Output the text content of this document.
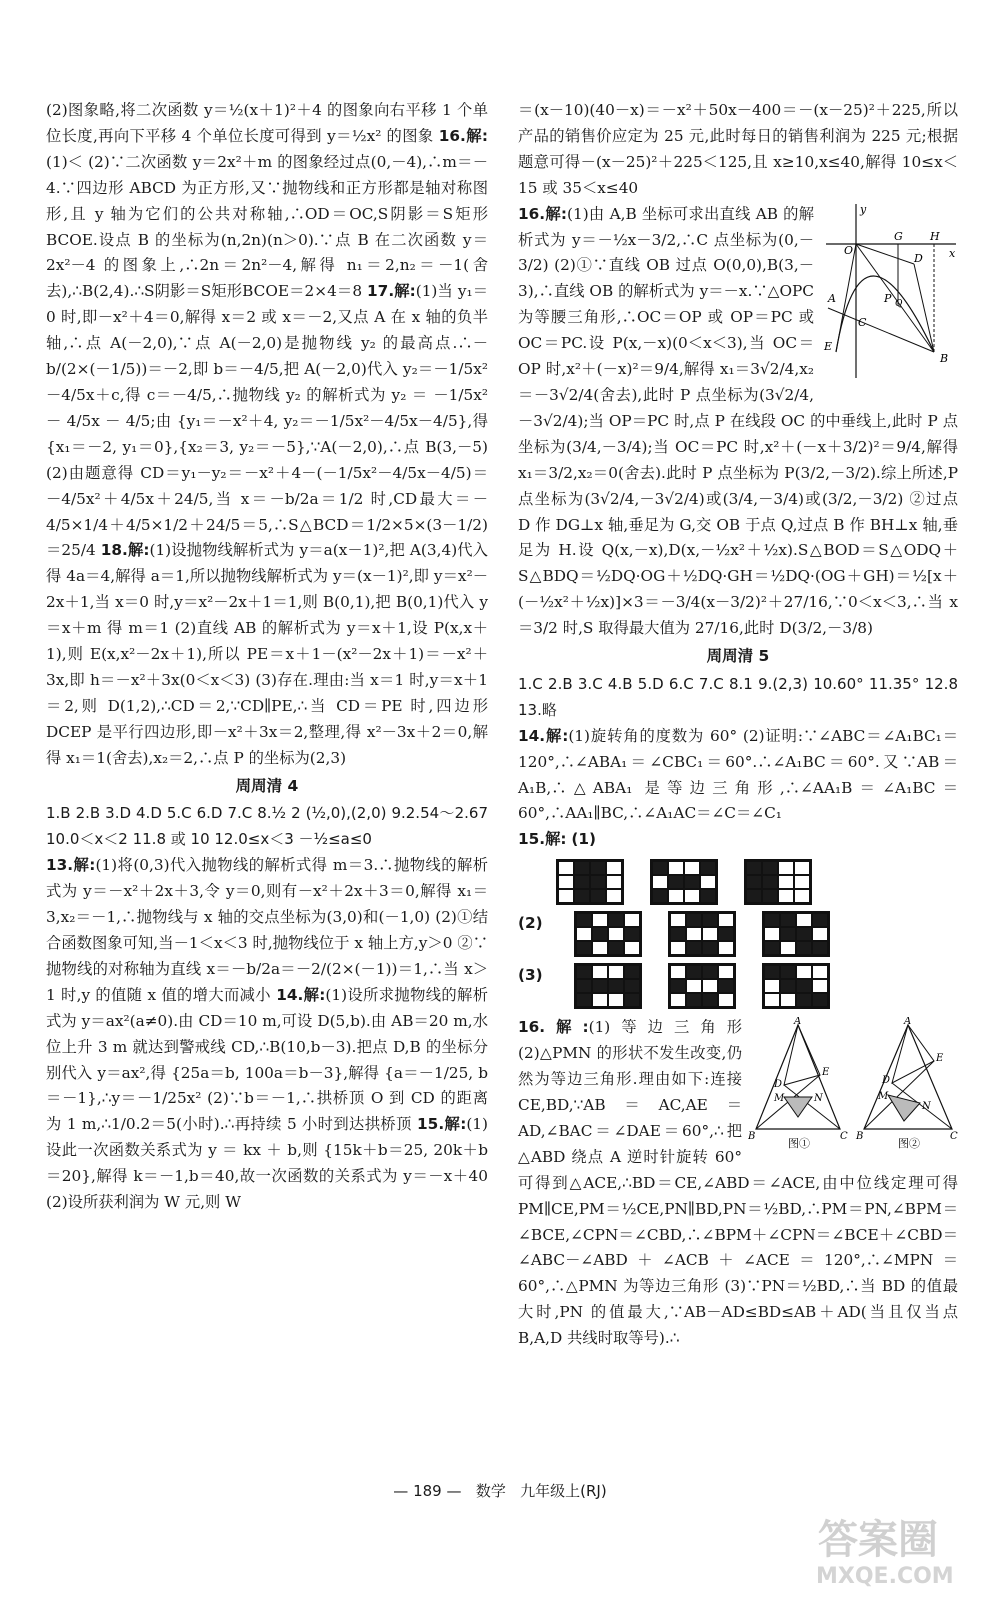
(2)图象略,将二次函数 y＝½(x＋1)²＋4 的图象向右平移 1 个单位长度,再向下平移 4 个单位长度可得到 y＝½x² 的图象 16.解:(1)＜ (2)∵二次函数 y＝2x²＋m 的图象经过点(0,－4),∴m＝－4.∵四边形 ABCD 为正方形,又∵抛物线和正方形都是轴对称图形,且 y 轴为它们的公共对称轴,∴OD＝OC,S阴影＝S矩形BCOE.设点 B 的坐标为(n,2n)(n＞0).∵点 B 在二次函数 y＝2x²－4 的图象上,∴2n＝2n²－4,解得 n₁＝2,n₂＝－1(舍去),∴B(2,4).∴S阴影＝S矩形BCOE＝2×4＝8 17.解:(1)当 y₁＝0 时,即－x²＋4＝0,解得 x＝2 或 x＝－2,又点 A 在 x 轴的负半轴,∴点 A(－2,0),∵点 A(－2,0)是抛物线 y₂ 的最高点.∴－b/(2×(－1/5))＝－2,即 b＝－4/5,把 A(－2,0)代入 y₂＝－1/5x²－4/5x＋c,得 c＝－4/5,∴抛物线 y₂ 的解析式为 y₂ ＝ －1/5x² － 4/5x － 4/5;由 {y₁＝－x²＋4, y₂＝－1/5x²－4/5x－4/5},得 {x₁＝－2, y₁＝0},{x₂＝3, y₂＝－5},∵A(－2,0),∴点 B(3,－5) (2)由题意得 CD＝y₁－y₂＝－x²＋4－(－1/5x²－4/5x－4/5)＝－4/5x²＋4/5x＋24/5,当 x＝－b/2a＝1/2 时,CD最大＝－4/5×1/4＋4/5×1/2＋24/5＝5,∴S△BCD＝1/2×5×(3－1/2)＝25/4 18.解:(1)设抛物线解析式为 y＝a(x－1)²,把 A(3,4)代入得 4a＝4,解得 a＝1,所以抛物线解析式为 y＝(x－1)²,即 y＝x²－2x＋1,当 x＝0 时,y＝x²－2x＋1＝1,则 B(0,1),把 B(0,1)代入 y＝x＋m 得 m＝1 (2)直线 AB 的解析式为 y＝x＋1,设 P(x,x＋1),则 E(x,x²－2x＋1),所以 PE＝x＋1－(x²－2x＋1)＝－x²＋3x,即 h＝－x²＋3x(0＜x＜3) (3)存在.理由:当 x＝1 时,y＝x＋1＝2,则 D(1,2),∴CD＝2,∵CD∥PE,∴当 CD＝PE 时,四边形 DCEP 是平行四边形,即－x²＋3x＝2,整理,得 x²－3x＋2＝0,解得 x₁＝1(舍去),x₂＝2,∴点 P 的坐标为(2,3)

周周清 4

1.B 2.B 3.D 4.D 5.C 6.D 7.C 8.½ 2 (½,0),(2,0) 9.2.54～2.67 10.0＜x＜2 11.8 或 10 12.0≤x＜3 －½≤a≤0

13.解:(1)将(0,3)代入抛物线的解析式得 m＝3.∴抛物线的解析式为 y＝－x²＋2x＋3,令 y＝0,则有－x²＋2x＋3＝0,解得 x₁＝3,x₂＝－1,∴抛物线与 x 轴的交点坐标为(3,0)和(－1,0) (2)①结合函数图象可知,当－1＜x＜3 时,抛物线位于 x 轴上方,y＞0 ②∵抛物线的对称轴为直线 x＝－b/2a＝－2/(2×(－1))＝1,∴当 x＞1 时,y 的值随 x 值的增大而减小 14.解:(1)设所求抛物线的解析式为 y＝ax²(a≠0).由 CD＝10 m,可设 D(5,b).由 AB＝20 m,水位上升 3 m 就达到警戒线 CD,∴B(10,b－3).把点 D,B 的坐标分别代入 y＝ax²,得 {25a＝b, 100a＝b－3},解得 {a＝－1/25, b＝－1},∴y＝－1/25x² (2)∵b＝－1,∴拱桥顶 O 到 CD 的距离为 1 m,∴1/0.2＝5(小时).∴再持续 5 小时到达拱桥顶 15.解:(1)设此一次函数关系式为 y ＝ kx ＋ b,则 {15k＋b＝25, 20k＋b＝20},解得 k＝－1,b＝40,故一次函数的关系式为 y＝－x＋40 (2)设所获利润为 W 元,则 W

＝(x－10)(40－x)＝－x²＋50x－400＝－(x－25)²＋225,所以产品的销售价应定为 25 元,此时每日的销售利润为 225 元;根据题意可得－(x－25)²＋225＜125,且 x≥10,x≤40,解得 10≤x＜15 或 35＜x≤40

y
x
O
G H
D
A	P Q
C
E
B
16.解:(1)由 A,B 坐标可求出直线 AB 的解析式为 y＝－½x－3/2,∴C 点坐标为(0,－3/2) (2)①∵直线 OB 过点 O(0,0),B(3,－3),∴直线 OB 的解析式为 y＝－x.∵△OPC 为等腰三角形,∴OC＝OP 或 OP＝PC 或 OC＝PC.设 P(x,－x)(0＜x＜3),当 OC＝OP 时,x²＋(－x)²＝9/4,解得 x₁＝3√2/4,x₂＝－3√2/4(舍去),此时 P 点坐标为(3√2/4,－3√2/4);当 OP＝PC 时,点 P 在线段 OC 的中垂线上,此时 P 点坐标为(3/4,－3/4);当 OC＝PC 时,x²＋(－x＋3/2)²＝9/4,解得 x₁＝3/2,x₂＝0(舍去).此时 P 点坐标为 P(3/2,－3/2).综上所述,P 点坐标为(3√2/4,－3√2/4)或(3/4,－3/4)或(3/2,－3/2) ②过点 D 作 DG⊥x 轴,垂足为 G,交 OB 于点 Q,过点 B 作 BH⊥x 轴,垂足为 H.设 Q(x,－x),D(x,－½x²＋½x).S△BOD＝S△ODQ＋S△BDQ＝½DQ·OG＋½DQ·GH＝½DQ·(OG＋GH)＝½[x＋(－½x²＋½x)]×3＝－3/4(x－3/2)²＋27/16,∵0＜x＜3,∴当 x＝3/2 时,S 取得最大值为 27/16,此时 D(3/2,－3/8)

周周清 5

1.C 2.B 3.C 4.B 5.D 6.C 7.C 8.1 9.(2,3) 10.60° 11.35° 12.8 13.略

14.解:(1)旋转角的度数为 60° (2)证明:∵∠ABC＝∠A₁BC₁＝120°,∴∠ABA₁＝∠CBC₁＝60°.∴∠A₁BC＝60°.又∵AB＝A₁B,∴△ABA₁ 是等边三角形,∴∠AA₁B＝∠A₁BC＝60°,∴AA₁∥BC,∴∠A₁AC＝∠C＝∠C₁

15.解: (1)

(2)
(3)

A
B	C
D
E
M	N
图①
A
B	C
D
E
M
N
图②
16.解:(1)等边三角形 (2)△PMN 的形状不发生改变,仍然为等边三角形.理由如下:连接 CE,BD,∵AB＝AC,AE＝AD,∠BAC＝∠DAE＝60°,∴把△ABD 绕点 A 逆时针旋转 60°可得到△ACE,∴BD＝CE,∠ABD＝∠ACE,由中位线定理可得 PM∥CE,PM＝½CE,PN∥BD,PN＝½BD,∴PM＝PN,∠BPM＝∠BCE,∠CPN＝∠CBD,∴∠BPM＋∠CPN＝∠BCE＋∠CBD＝∠ABC－∠ABD＋∠ACB＋∠ACE＝120°,∴∠MPN＝60°,∴△PMN 为等边三角形 (3)∵PN＝½BD,∴当 BD 的值最大时,PN 的值最大,∵AB－AD≤BD≤AB＋AD(当且仅当点 B,A,D 共线时取等号).∴

— 189 — 数学 九年级上(RJ)
答案圈
MXQE.COM
